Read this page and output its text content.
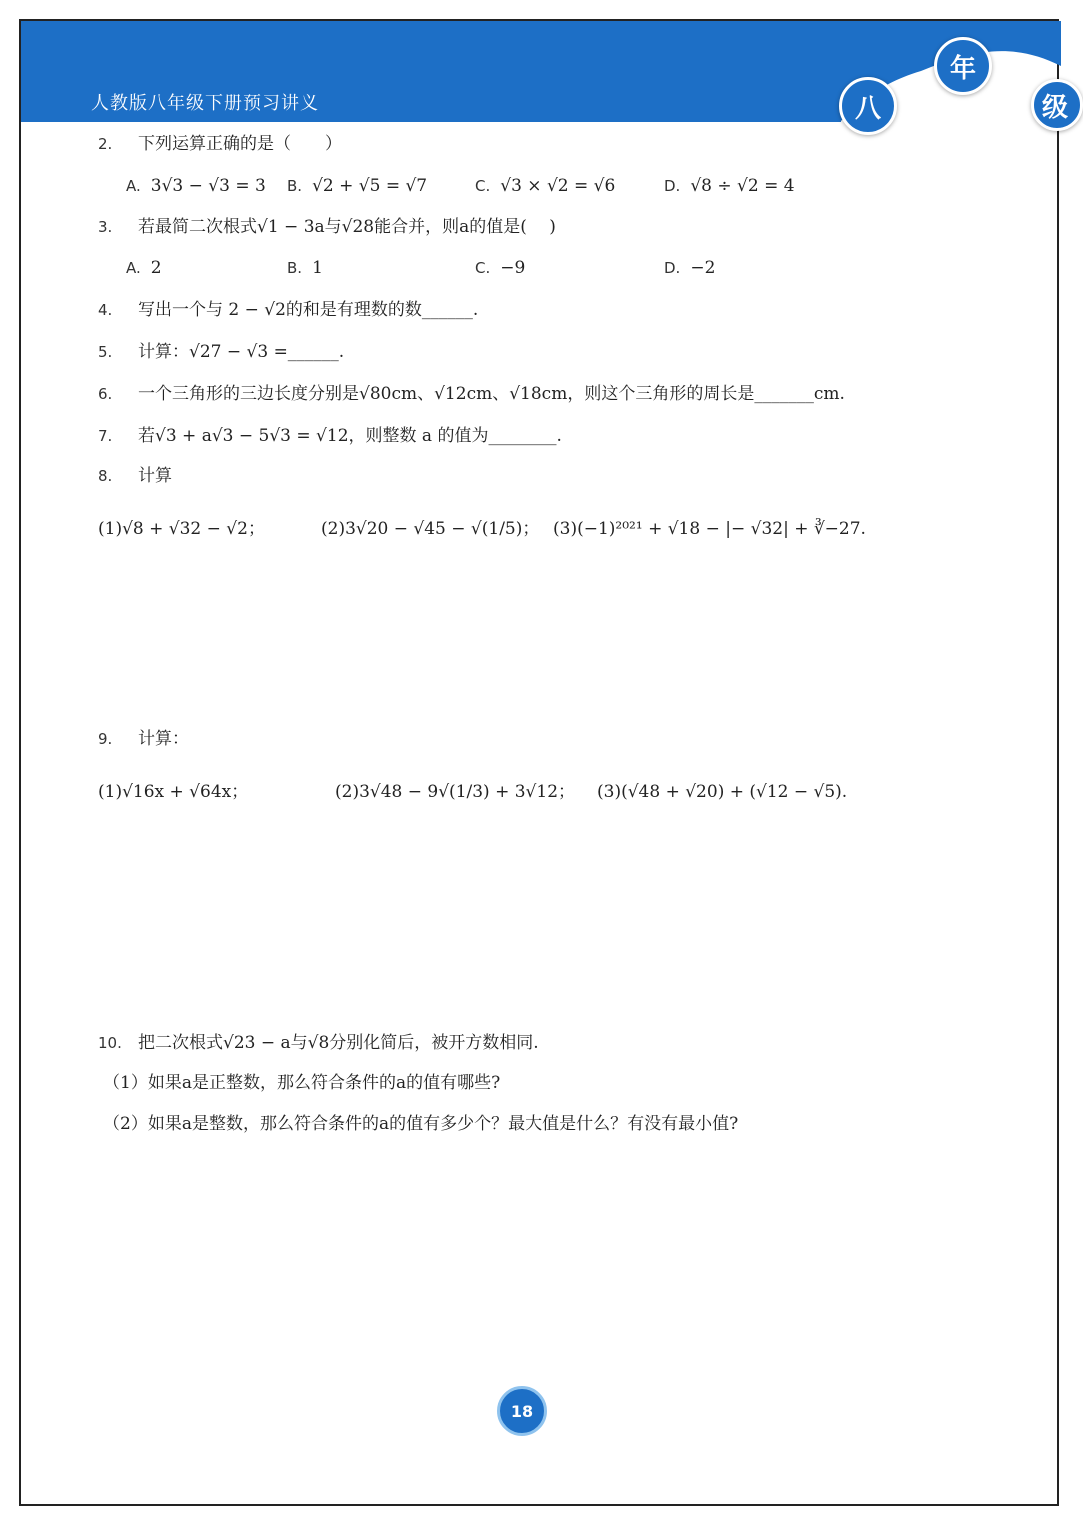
人教版八年级下册预习讲义	八
年
级
2. 下列运算正确的是（　　）
A. 3√3 − √3 = 3 B. √2 + √5 = √7	C. √3 × √2 = √6	D. √8 ÷ √2 = 4
3. 若最简二次根式√1 − 3a与√28能合并，则a的值是(　 )
A. 2	B. 1	C. −9	D. −2
4. 写出一个与 2 − √2的和是有理数的数______.
5. 计算：√27 − √3 =______.
6. 一个三角形的三边长度分别是√80cm、√12cm、√18cm，则这个三角形的周长是_______cm.
7. 若√3 + a√3 − 5√3 = √12，则整数 a 的值为________.
8. 计算
(1)√8 + √32 − √2；	(2)3√20 − √45 − √(1/5)； (3)(−1)²⁰²¹ + √18 − |− √32| + ∛−27.
9. 计算：
(1)√16x + √64x；	(2)3√48 − 9√(1/3) + 3√12； (3)(√48 + √20) + (√12 − √5).
10. 把二次根式√23 − a与√8分别化简后，被开方数相同.
（1）如果a是正整数，那么符合条件的a的值有哪些?
（2）如果a是整数，那么符合条件的a的值有多少个？最大值是什么？有没有最小值?
18
